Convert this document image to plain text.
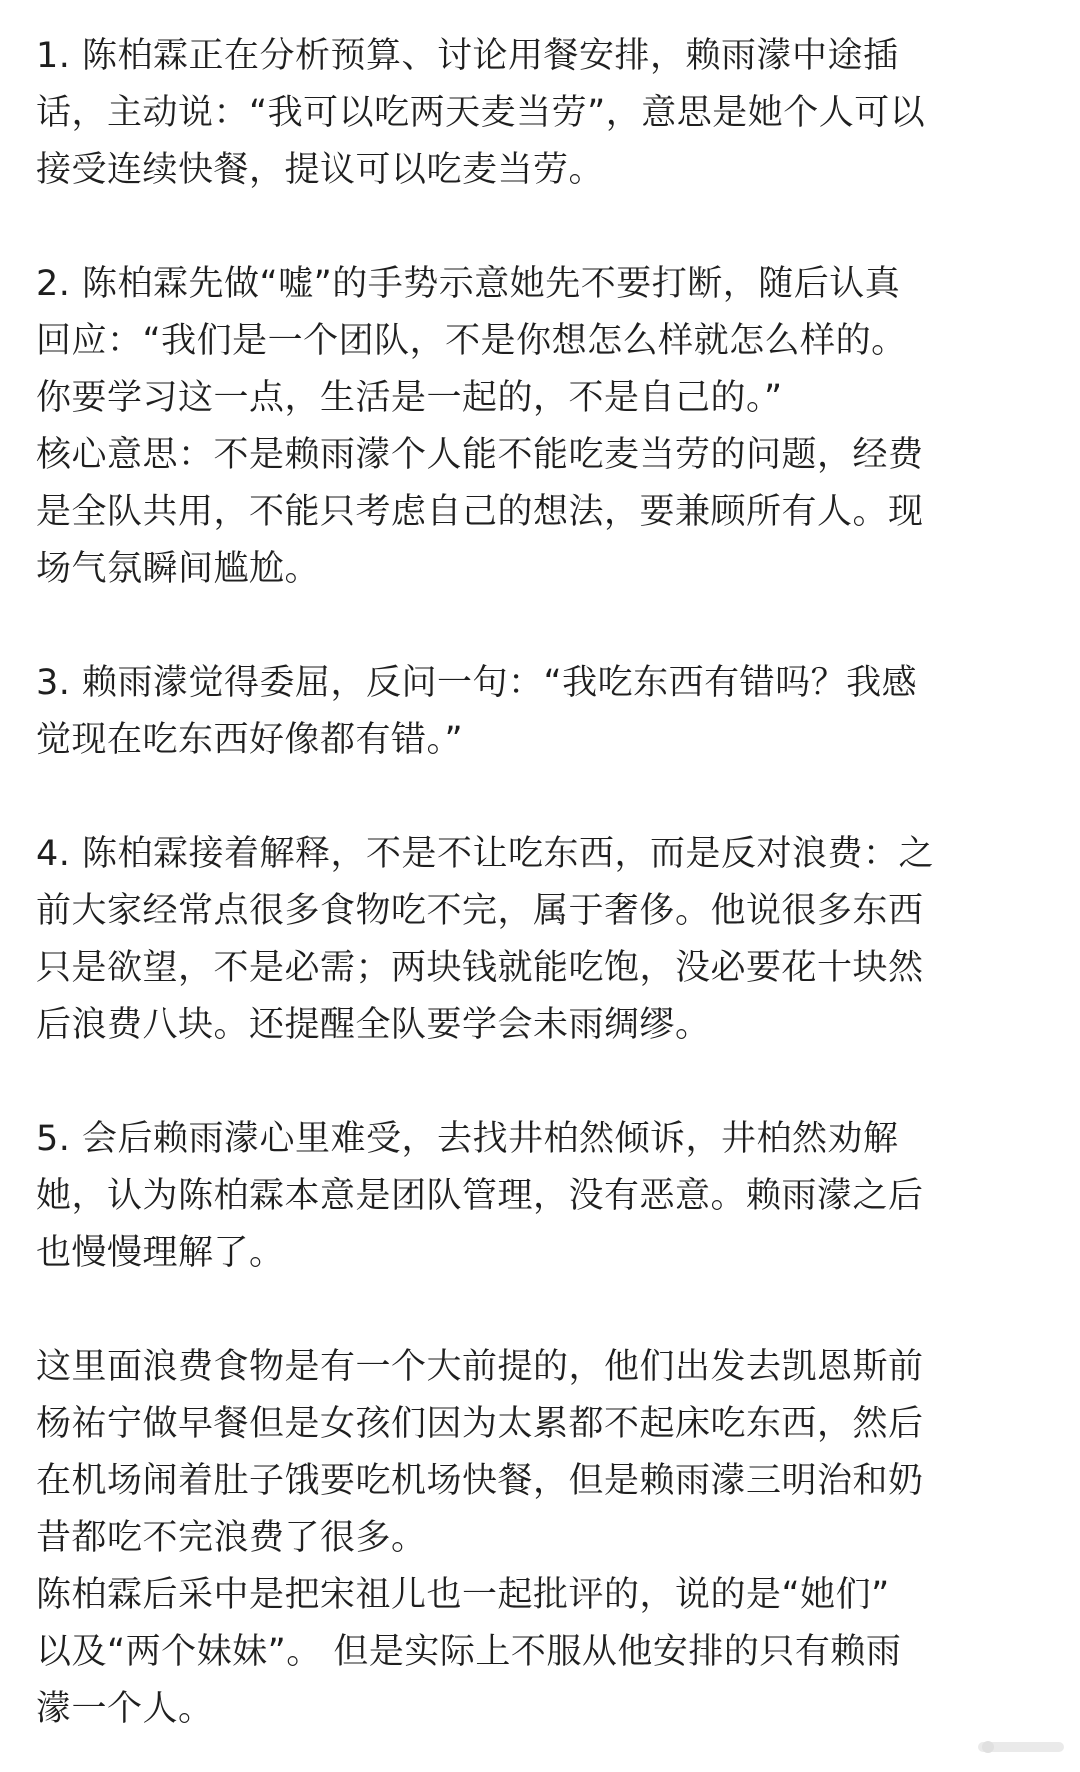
1. 陈柏霖正在分析预算、讨论用餐安排，赖雨濛中途插
话，主动说：“我可以吃两天麦当劳”，意思是她个人可以
接受连续快餐，提议可以吃麦当劳。

2. 陈柏霖先做“嘘”的手势示意她先不要打断，随后认真
回应：“我们是一个团队，不是你想怎么样就怎么样的。
你要学习这一点，生活是一起的，不是自己的。”
核心意思：不是赖雨濛个人能不能吃麦当劳的问题，经费
是全队共用，不能只考虑自己的想法，要兼顾所有人。现
场气氛瞬间尴尬。

3. 赖雨濛觉得委屈，反问一句：“我吃东西有错吗？我感
觉现在吃东西好像都有错。”

4. 陈柏霖接着解释，不是不让吃东西，而是反对浪费：之
前大家经常点很多食物吃不完，属于奢侈。他说很多东西
只是欲望，不是必需；两块钱就能吃饱，没必要花十块然
后浪费八块。还提醒全队要学会未雨绸缪。

5. 会后赖雨濛心里难受，去找井柏然倾诉，井柏然劝解
她，认为陈柏霖本意是团队管理，没有恶意。赖雨濛之后
也慢慢理解了。

这里面浪费食物是有一个大前提的，他们出发去凯恩斯前
杨祐宁做早餐但是女孩们因为太累都不起床吃东西，然后
在机场闹着肚子饿要吃机场快餐，但是赖雨濛三明治和奶
昔都吃不完浪费了很多。
陈柏霖后采中是把宋祖儿也一起批评的，说的是“她们”
以及“两个妹妹”。 但是实际上不服从他安排的只有赖雨
濛一个人。
